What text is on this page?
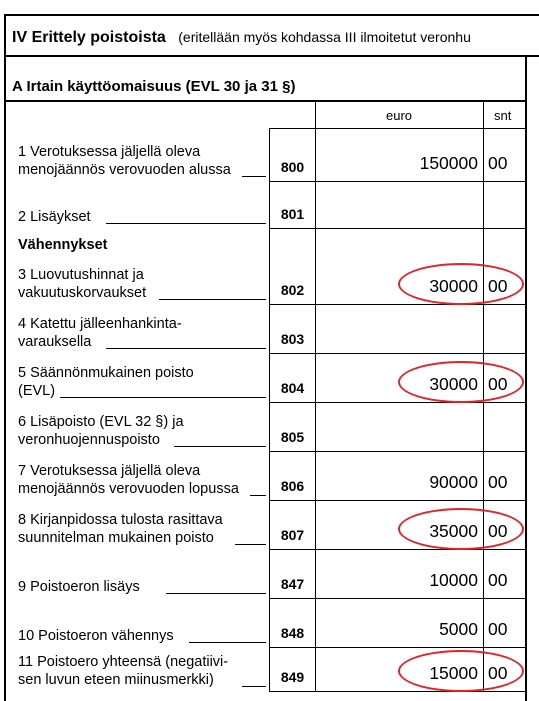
IV Erittely poistoista (eritellään myös kohdassa III ilmoitetut veronhu
A Irtain käyttöomaisuus (EVL 30 ja 31 §)
euro	snt
Vähennykset
1 Verotuksessa jäljellä oleva
menojäännös verovuoden alussa	800	150000 00
2 Lisäykset	801
3 Luovutushinnat ja
vakuutuskorvaukset	802	30000 00
4 Katettu jälleenhankinta-
varauksella	803
5 Säännönmukainen poisto
(EVL)	804	30000 00
6 Lisäpoisto (EVL 32 §) ja
veronhuojennuspoisto	805
7 Verotuksessa jäljellä oleva
menojäännös verovuoden lopussa	806	90000 00
8 Kirjanpidossa tulosta rasittava
suunnitelman mukainen poisto	807	35000 00
9 Poistoeron lisäys	847	10000 00
10 Poistoeron vähennys	848	5000 00
11 Poistoero yhteensä (negatiivi-
sen luvun eteen miinusmerkki)	849	15000 00
